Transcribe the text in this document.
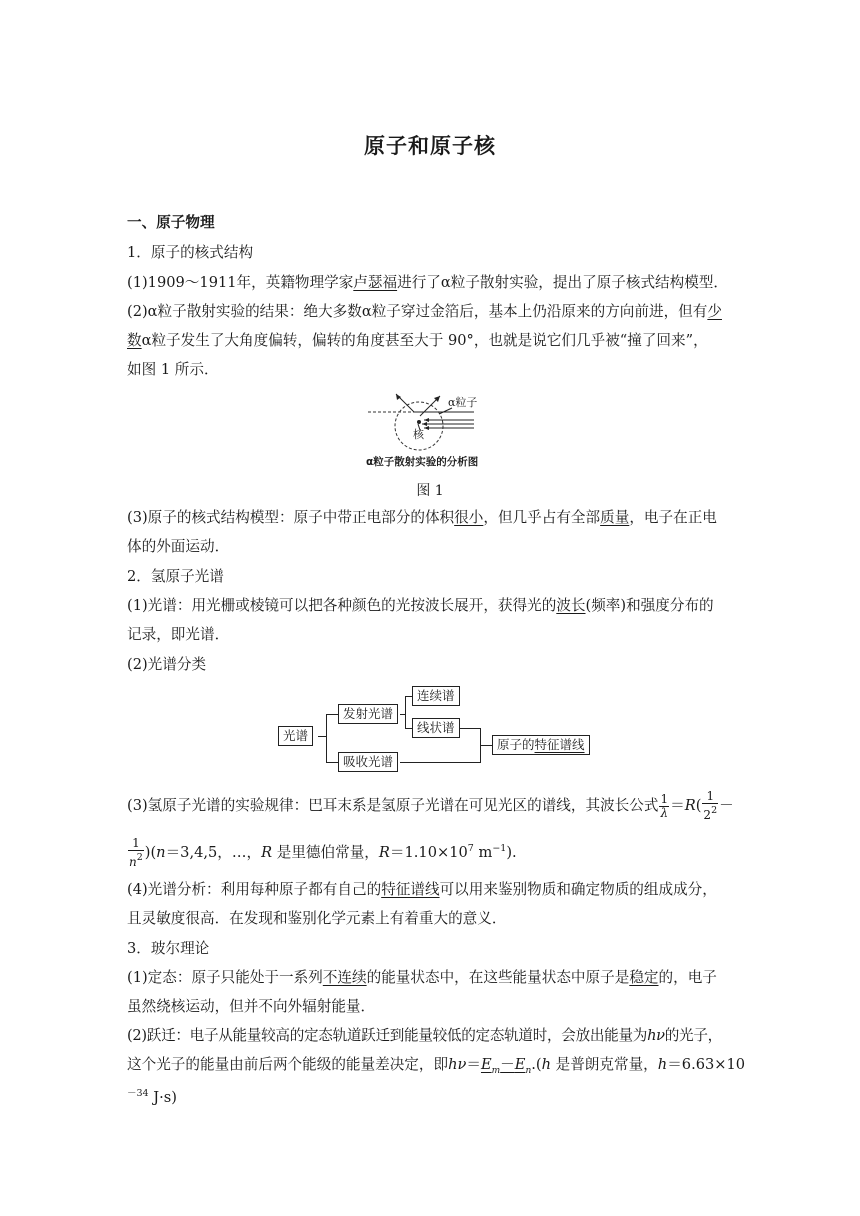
原子和原子核
一、原子物理
1．原子的核式结构
(1)1909～1911年，英籍物理学家卢瑟福进行了α粒子散射实验，提出了原子核式结构模型．
(2)α粒子散射实验的结果：绝大多数α粒子穿过金箔后，基本上仍沿原来的方向前进，但有少
数α粒子发生了大角度偏转，偏转的角度甚至大于 90°，也就是说它们几乎被“撞了回来”，
如图 1 所示．
α粒子
核
α粒子散射实验的分析图
图 1
(3)原子的核式结构模型：原子中带正电部分的体积很小，但几乎占有全部质量，电子在正电
体的外面运动．
2．氢原子光谱
(1)光谱：用光栅或棱镜可以把各种颜色的光按波长展开，获得光的波长(频率)和强度分布的
记录，即光谱．
(2)光谱分类
光谱
发射光谱
吸收光谱
连续谱
线状谱
原子的特征谱线
(3)氢原子光谱的实验规律：巴耳末系是氢原子光谱在可见光区的谱线，其波长公式 $\frac{1}{\lambda} =R( \frac{1}{2^2}$ －
$\frac{1}{n^2} )(n=3,4,5$，…，R 是里德伯常量，$R=1.10\times 10^7$ $m^{-1}$).
(4)光谱分析：利用每种原子都有自己的特征谱线可以用来鉴别物质和确定物质的组成成分，
且灵敏度很高．在发现和鉴别化学元素上有着重大的意义．
3．玻尔理论
(1)定态：原子只能处于一系列不连续的能量状态中，在这些能量状态中原子是稳定的，电子
虽然绕核运动，但并不向外辐射能量．
(2)跃迁：电子从能量较高的定态轨道跃迁到能量较低的定态轨道时，会放出能量为hν的光子，
这个光子的能量由前后两个能级的能量差决定，即$h\nu=E_m-E_n.(h$ 是普朗克常量，h＝6.63×10
$^{-34}$ J·s)
